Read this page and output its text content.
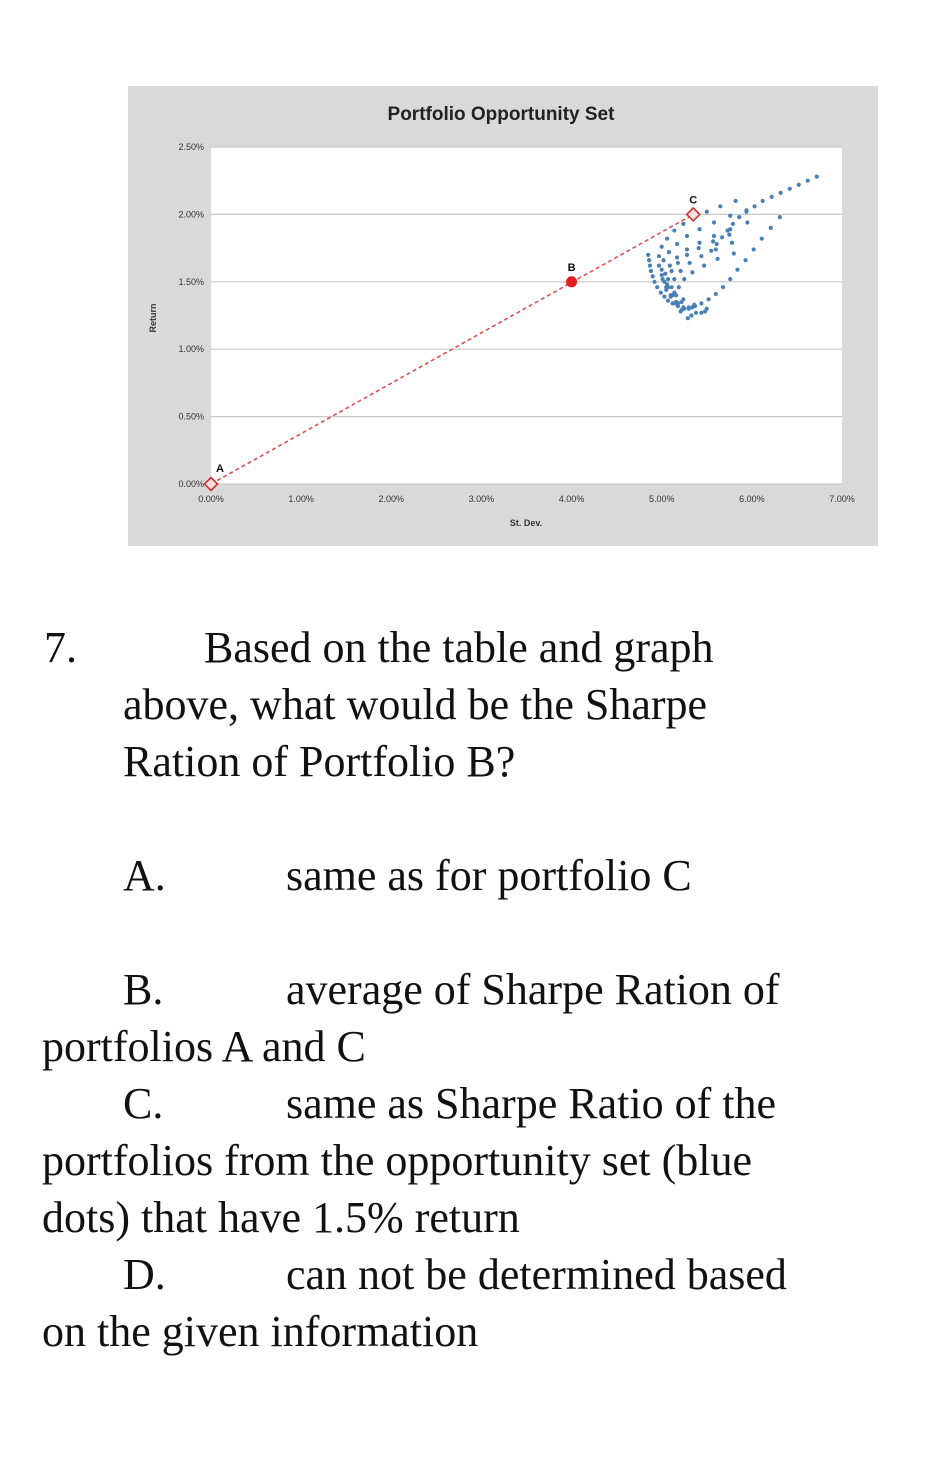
Portfolio Opportunity Set
0.00%
0.50%
1.00%
1.50%
2.00%
2.50%
0.00%	1.00%	2.00%	3.00%	4.00%	5.00%	6.00%	7.00%
St. Dev.
Return
A
B
C
7.	Based on the table and graph
above, what would be the Sharpe
Ration of Portfolio B?
A.	same as for portfolio C
B.	average of Sharpe Ration of
portfolios A and C
C.	same as Sharpe Ratio of the
portfolios from the opportunity set (blue
dots) that have 1.5% return
D.	can not be determined based
on the given information
